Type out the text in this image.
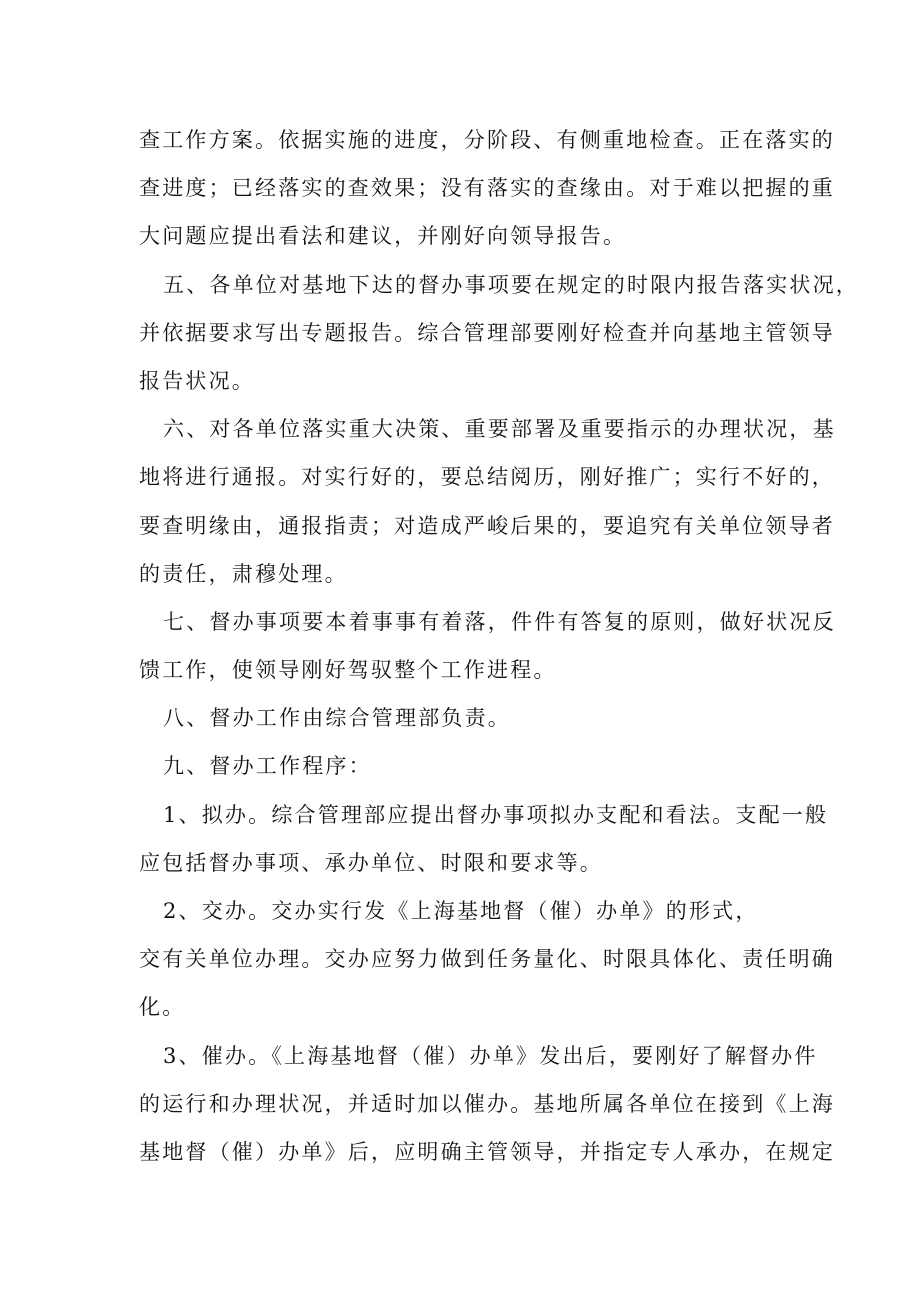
查工作方案。依据实施的进度，分阶段、有侧重地检查。正在落实的
查进度；已经落实的查效果；没有落实的查缘由。对于难以把握的重
大问题应提出看法和建议，并刚好向领导报告。
五、各单位对基地下达的督办事项要在规定的时限内报告落实状况，
并依据要求写出专题报告。综合管理部要刚好检查并向基地主管领导
报告状况。
六、对各单位落实重大决策、重要部署及重要指示的办理状况，基
地将进行通报。对实行好的，要总结阅历，刚好推广；实行不好的，
要查明缘由，通报指责；对造成严峻后果的，要追究有关单位领导者
的责任，肃穆处理。
七、督办事项要本着事事有着落，件件有答复的原则，做好状况反
馈工作，使领导刚好驾驭整个工作进程。
八、督办工作由综合管理部负责。
九、督办工作程序：
1、拟办。综合管理部应提出督办事项拟办支配和看法。支配一般
应包括督办事项、承办单位、时限和要求等。
2、交办。交办实行发《上海基地督（催）办单》的形式，
交有关单位办理。交办应努力做到任务量化、时限具体化、责任明确
化。
3、催办。《上海基地督（催）办单》发出后，要刚好了解督办件
的运行和办理状况，并适时加以催办。基地所属各单位在接到《上海
基地督（催）办单》后，应明确主管领导，并指定专人承办，在规定
